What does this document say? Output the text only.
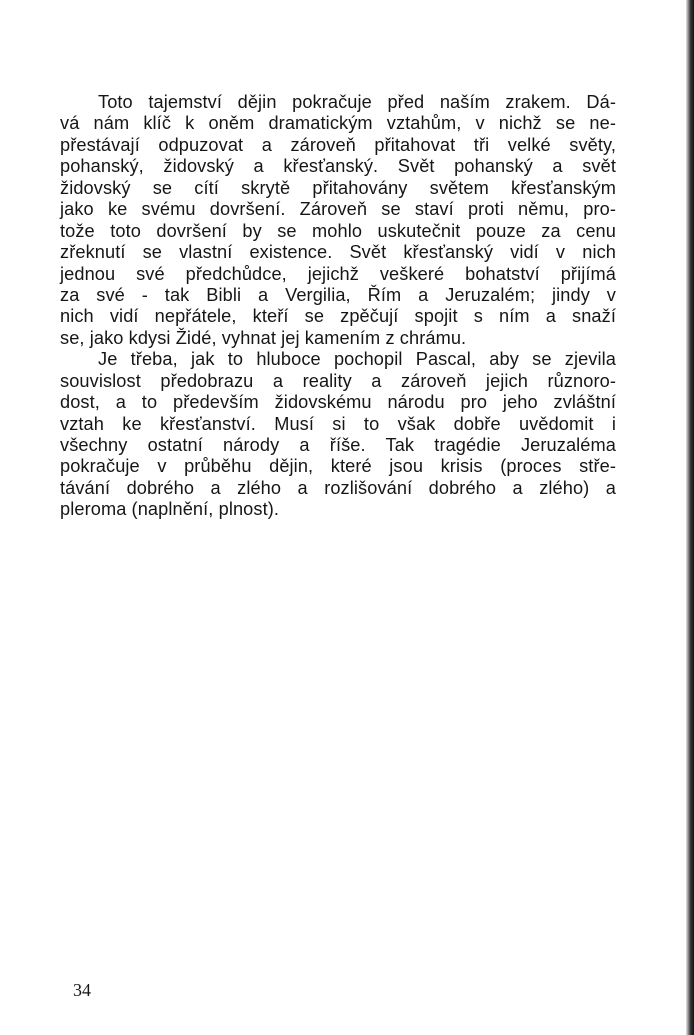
Toto tajemství dějin pokračuje před naším zrakem. Dá-
vá nám klíč k oněm dramatickým vztahům, v nichž se ne-
přestávají odpuzovat a zároveň přitahovat tři velké světy,
pohanský, židovský a křesťanský. Svět pohanský a svět
židovský se cítí skrytě přitahovány světem křesťanským
jako ke svému dovršení. Zároveň se staví proti němu, pro-
tože toto dovršení by se mohlo uskutečnit pouze za cenu
zřeknutí se vlastní existence. Svět křesťanský vidí v nich
jednou své předchůdce, jejichž veškeré bohatství přijímá
za své - tak Bibli a Vergilia, Řím a Jeruzalém; jindy v
nich vidí nepřátele, kteří se zpěčují spojit s ním a snaží
se, jako kdysi Židé, vyhnat jej kamením z chrámu.
Je třeba, jak to hluboce pochopil Pascal, aby se zjevila
souvislost předobrazu a reality a zároveň jejich různoro-
dost, a to především židovskému národu pro jeho zvláštní
vztah ke křesťanství. Musí si to však dobře uvědomit i
všechny ostatní národy a říše. Tak tragédie Jeruzaléma
pokračuje v průběhu dějin, které jsou krisis (proces stře-
távání dobrého a zlého a rozlišování dobrého a zlého) a
pleroma (naplnění, plnost).
34
